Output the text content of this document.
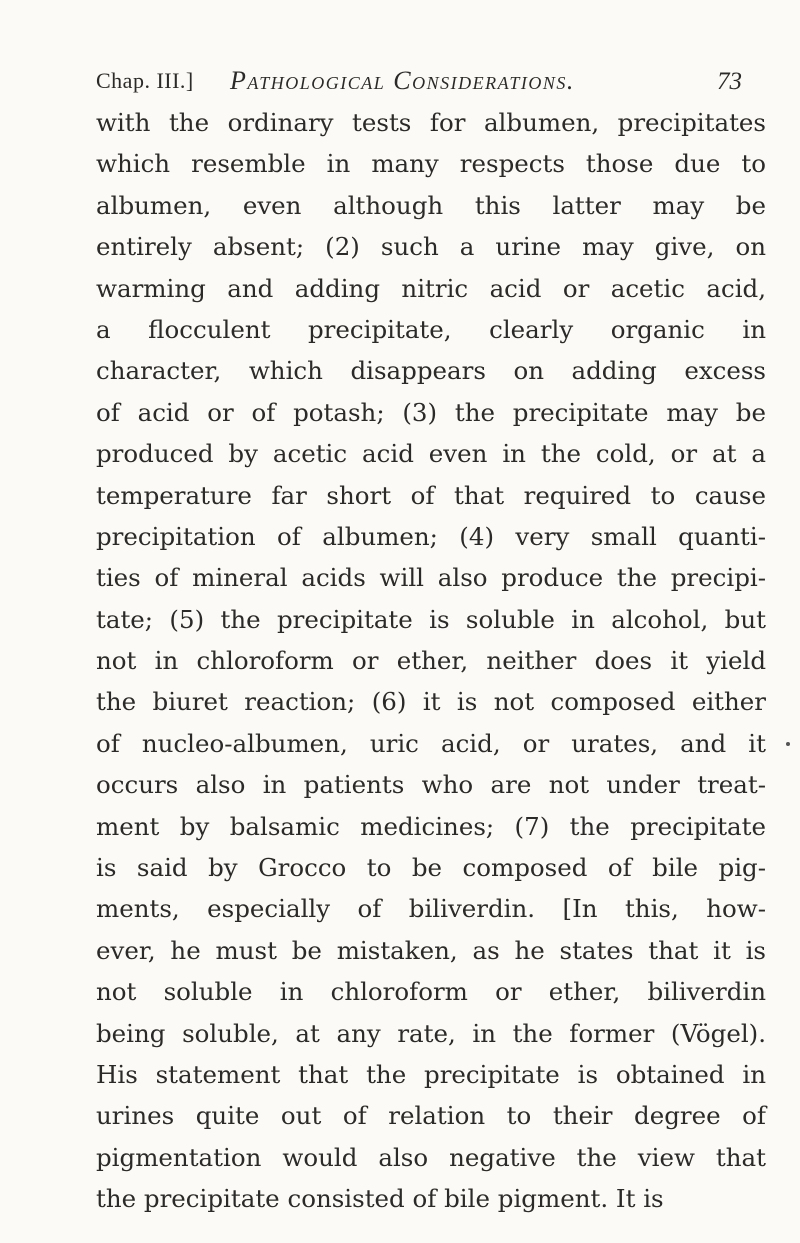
Chap. III.] Pathological Considerations.	73
with the ordinary tests for albumen, precipitates
which resemble in many respects those due to
albumen, even although this latter may be
entirely absent; (2) such a urine may give, on
warming and adding nitric acid or acetic acid,
a flocculent precipitate, clearly organic in
character, which disappears on adding excess
of acid or of potash; (3) the precipitate may be
produced by acetic acid even in the cold, or at a
temperature far short of that required to cause
precipitation of albumen; (4) very small quanti-
ties of mineral acids will also produce the precipi-
tate; (5) the precipitate is soluble in alcohol, but
not in chloroform or ether, neither does it yield
the biuret reaction; (6) it is not composed either
of nucleo-albumen, uric acid, or urates, and it
occurs also in patients who are not under treat-
ment by balsamic medicines; (7) the precipitate
is said by Grocco to be composed of bile pig-
ments, especially of biliverdin. [In this, how-
ever, he must be mistaken, as he states that it is
not soluble in chloroform or ether, biliverdin
being soluble, at any rate, in the former (Vögel).
His statement that the precipitate is obtained in
urines quite out of relation to their degree of
pigmentation would also negative the view that
the precipitate consisted of bile pigment. It is
